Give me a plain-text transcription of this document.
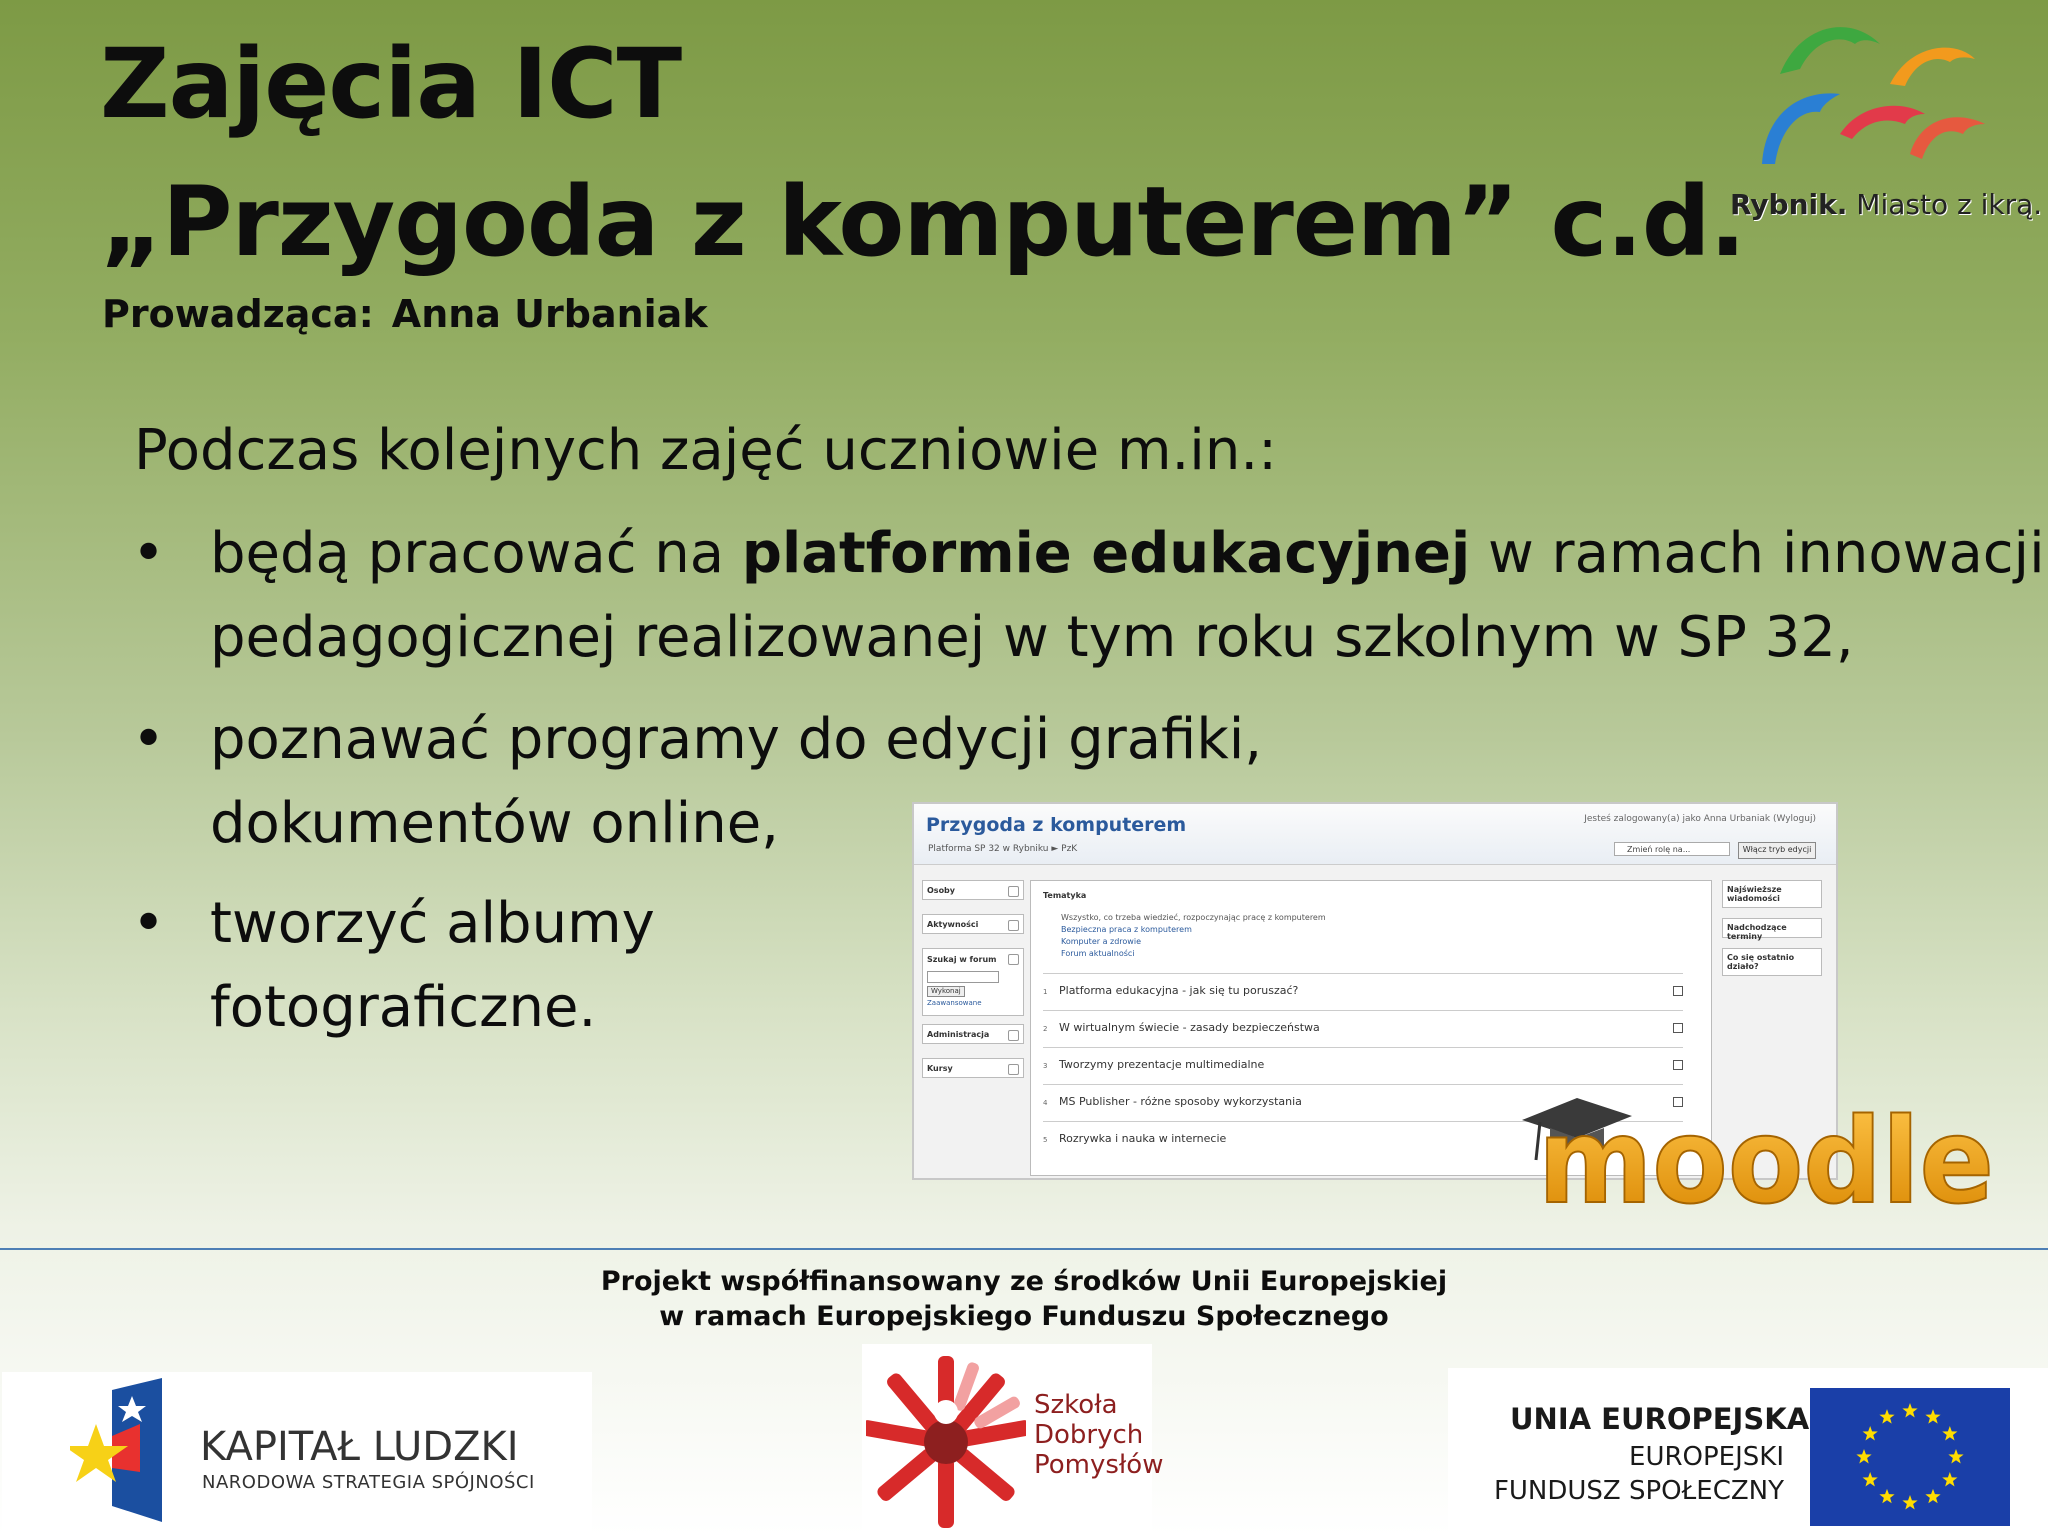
Zajęcia ICT
„Przygoda z komputerem” c.d.
Prowadząca: Anna Urbaniak
Rybnik. Miasto z ikrą.
Podczas kolejnych zajęć uczniowie m.in.:
• będą pracować na platformie edukacyjnej w ramach innowacji
pedagogicznej realizowanej w tym roku szkolnym w SP 32,
• poznawać programy do edycji grafiki,
dokumentów online,
• tworzyć albumy
fotograficzne.
Przygoda z komputerem	Jesteś zalogowany(a) jako Anna Urbaniak (Wyloguj)
Platforma SP 32 w Rybniku ► PzK	Zmień rolę na...	Włącz tryb edycji
Osoby
Aktywności
Szukaj w forum
Wykonaj
Zaawansowane
Administracja
Kursy
Tematyka
Wszystko, co trzeba wiedzieć, rozpoczynając pracę z komputerem
Bezpieczna praca z komputerem
Komputer a zdrowie
Forum aktualności
1 Platforma edukacyjna - jak się tu poruszać?
2 W wirtualnym świecie - zasady bezpieczeństwa
3 Tworzymy prezentacje multimedialne
4 MS Publisher - różne sposoby wykorzystania
5 Rozrywka i nauka w internecie
Najświeższe wiadomości
Nadchodzące terminy
Co się ostatnio działo?
moodle
Projekt współfinansowany ze środków Unii Europejskiej
w ramach Europejskiego Funduszu Społecznego
KAPITAŁ LUDZKI
NARODOWA STRATEGIA SPÓJNOŚCI
Szkoła
Dobrych
Pomysłów
UNIA EUROPEJSKA
EUROPEJSKI
FUNDUSZ SPOŁECZNY
